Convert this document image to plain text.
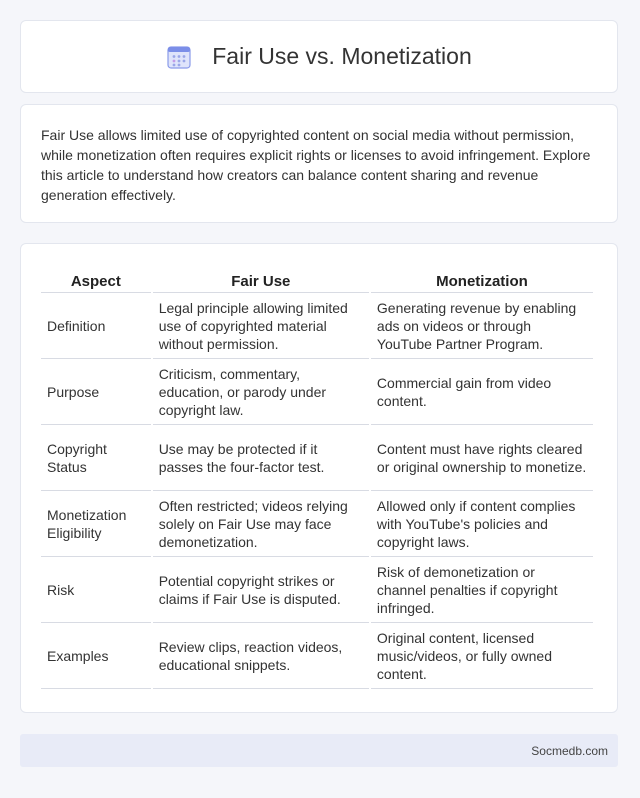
Fair Use vs. Monetization

Fair Use allows limited use of copyrighted content on social media without permission, while monetization often requires explicit rights or licenses to avoid infringement. Explore this article to understand how creators can balance content sharing and revenue generation effectively.

Aspect	Fair Use	Monetization
Definition	Legal principle allowing limited use of copyrighted material without permission.	Generating revenue by enabling ads on videos or through YouTube Partner Program.
Purpose	Criticism, commentary, education, or parody under copyright law.	Commercial gain from video content.
Copyright Status	Use may be protected if it passes the four-factor test.	Content must have rights cleared or original ownership to monetize.
Monetization Eligibility	Often restricted; videos relying solely on Fair Use may face demonetization.	Allowed only if content complies with YouTube's policies and copyright laws.
Risk	Potential copyright strikes or claims if Fair Use is disputed.	Risk of demonetization or channel penalties if copyright infringed.
Examples	Review clips, reaction videos, educational snippets.	Original content, licensed music/videos, or fully owned content.
Socmedb.com
